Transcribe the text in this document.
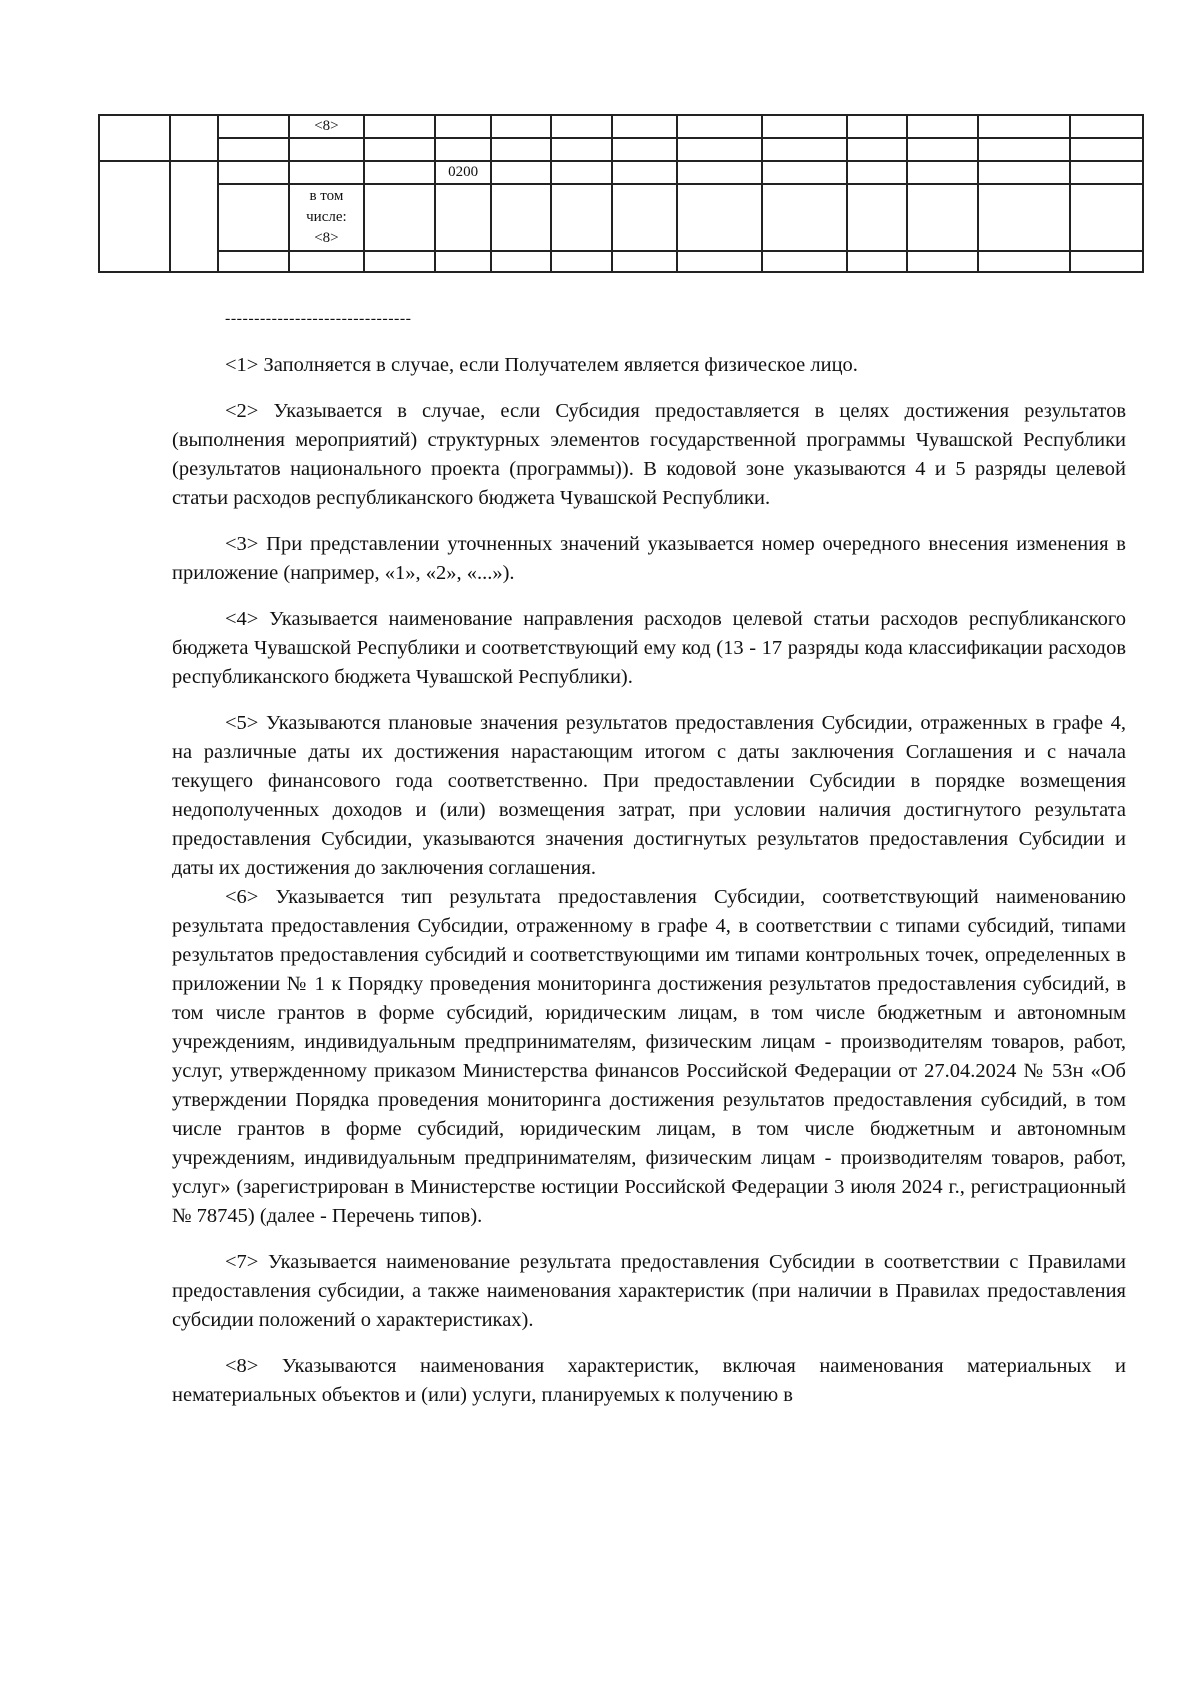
			<8>											

					0200									
			в том числе: <8>											

--------------------------------

<1> Заполняется в случае, если Получателем является физическое лицо.

<2> Указывается в случае, если Субсидия предоставляется в целях достижения результатов (выполнения мероприятий) структурных элементов государственной программы Чувашской Республики (результатов национального проекта (программы)). В кодовой зоне указываются 4 и 5 разряды целевой статьи расходов республиканского бюджета Чувашской Республики.

<3> При представлении уточненных значений указывается номер очередного внесения изменения в приложение (например, «1», «2», «...»).

<4> Указывается наименование направления расходов целевой статьи расходов республиканского бюджета Чувашской Республики и соответствующий ему код (13 - 17 разряды кода классификации расходов республиканского бюджета Чувашской Республики).

<5> Указываются плановые значения результатов предоставления Субсидии, отраженных в графе 4, на различные даты их достижения нарастающим итогом с даты заключения Соглашения и с начала текущего финансового года соответственно. При предоставлении Субсидии в порядке возмещения недополученных доходов и (или) возмещения затрат, при условии наличия достигнутого результата предоставления Субсидии, указываются значения достигнутых результатов предоставления Субсидии и даты их достижения до заключения соглашения.

<6> Указывается тип результата предоставления Субсидии, соответствующий наименованию результата предоставления Субсидии, отраженному в графе 4, в соответствии с типами субсидий, типами результатов предоставления субсидий и соответствующими им типами контрольных точек, определенных в приложении № 1 к Порядку проведения мониторинга достижения результатов предоставления субсидий, в том числе грантов в форме субсидий, юридическим лицам, в том числе бюджетным и автономным учреждениям, индивидуальным предпринимателям, физическим лицам - производителям товаров, работ, услуг, утвержденному приказом Министерства финансов Российской Федерации от 27.04.2024 № 53н «Об утверждении Порядка проведения мониторинга достижения результатов предоставления субсидий, в том числе грантов в форме субсидий, юридическим лицам, в том числе бюджетным и автономным учреждениям, индивидуальным предпринимателям, физическим лицам - производителям товаров, работ, услуг» (зарегистрирован в Министерстве юстиции Российской Федерации 3 июля 2024 г., регистрационный № 78745) (далее - Перечень типов).

<7> Указывается наименование результата предоставления Субсидии в соответствии с Правилами предоставления субсидии, а также наименования характеристик (при наличии в Правилах предоставления субсидии положений о характеристиках).

<8> Указываются наименования характеристик, включая наименования материальных и нематериальных объектов и (или) услуги, планируемых к получению в
